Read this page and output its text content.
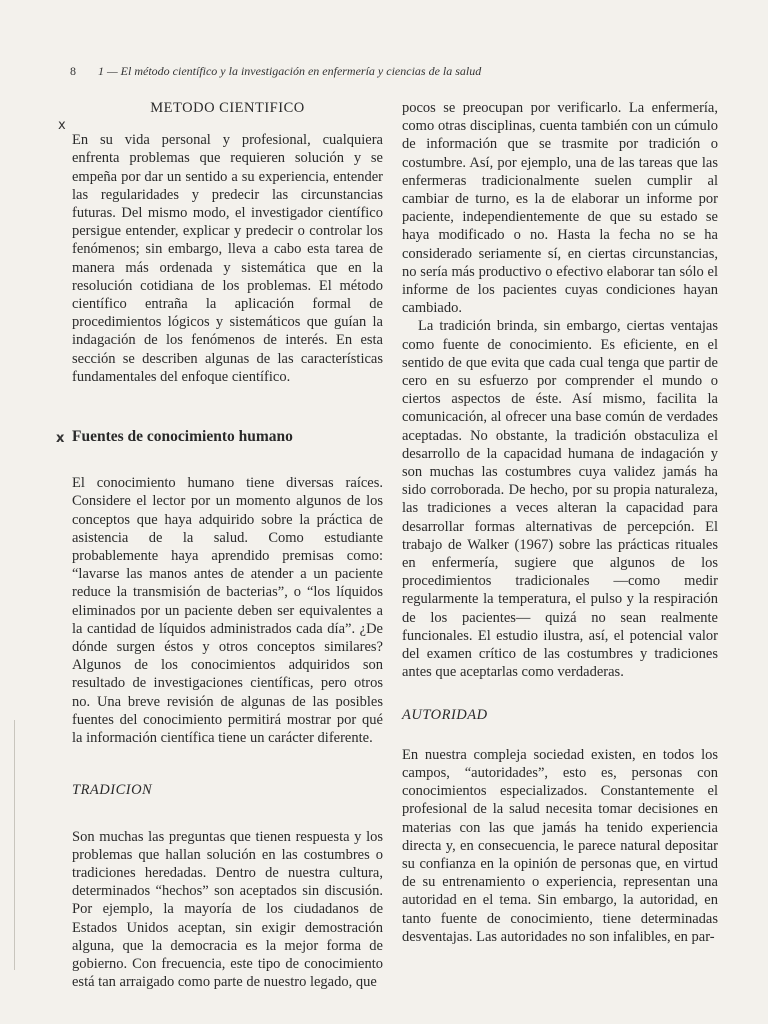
8 1 — El método científico y la investigación en enfermería y ciencias de la salud
METODO CIENTIFICO
x

En su vida personal y profesional, cualquiera enfrenta problemas que requieren solución y se empeña por dar un sentido a su experiencia, entender las regularidades y predecir las circunstancias futuras. Del mismo modo, el investigador científico persigue entender, explicar y predecir o controlar los fenómenos; sin embargo, lleva a cabo esta tarea de manera más ordenada y sistemática que en la resolución cotidiana de los problemas. El método científico entraña la aplicación formal de procedimientos lógicos y sistemáticos que guían la indagación de los fenómenos de interés. En esta sección se describen algunas de las características fundamentales del enfoque científico.

x Fuentes de conocimiento humano

El conocimiento humano tiene diversas raíces. Considere el lector por un momento algunos de los conceptos que haya adquirido sobre la práctica de asistencia de la salud. Como estudiante probablemente haya aprendido premisas como: “lavarse las manos antes de atender a un paciente reduce la transmisión de bacterias”, o “los líquidos eliminados por un paciente deben ser equivalentes a la cantidad de líquidos administrados cada día”. ¿De dónde surgen éstos y otros conceptos similares? Algunos de los conocimientos adquiridos son resultado de investigaciones científicas, pero otros no. Una breve revisión de algunas de las posibles fuentes del conocimiento permitirá mostrar por qué la información científica tiene un carácter diferente.

TRADICION

Son muchas las preguntas que tienen respuesta y los problemas que hallan solución en las costumbres o tradiciones heredadas. Dentro de nuestra cultura, determinados “hechos” son aceptados sin discusión. Por ejemplo, la mayoría de los ciudadanos de Estados Unidos aceptan, sin exigir demostración alguna, que la democracia es la mejor forma de gobierno. Con frecuencia, este tipo de conocimiento está tan arraigado como parte de nuestro legado, que

pocos se preocupan por verificarlo. La enfermería, como otras disciplinas, cuenta también con un cúmulo de información que se trasmite por tradición o costumbre. Así, por ejemplo, una de las tareas que las enfermeras tradicionalmente suelen cumplir al cambiar de turno, es la de elaborar un informe por paciente, independientemente de que su estado se haya modificado o no. Hasta la fecha no se ha considerado seriamente sí, en ciertas circunstancias, no sería más productivo o efectivo elaborar tan sólo el informe de los pacientes cuyas condiciones hayan cambiado.

La tradición brinda, sin embargo, ciertas ventajas como fuente de conocimiento. Es eficiente, en el sentido de que evita que cada cual tenga que partir de cero en su esfuerzo por comprender el mundo o ciertos aspectos de éste. Así mismo, facilita la comunicación, al ofrecer una base común de verdades aceptadas. No obstante, la tradición obstaculiza el desarrollo de la capacidad humana de indagación y son muchas las costumbres cuya validez jamás ha sido corroborada. De hecho, por su propia naturaleza, las tradiciones a veces alteran la capacidad para desarrollar formas alternativas de percepción. El trabajo de Walker (1967) sobre las prácticas rituales en enfermería, sugiere que algunos de los procedimientos tradicionales —como medir regularmente la temperatura, el pulso y la respiración de los pacientes— quizá no sean realmente funcionales. El estudio ilustra, así, el potencial valor del examen crítico de las costumbres y tradiciones antes que aceptarlas como verdaderas.

AUTORIDAD

En nuestra compleja sociedad existen, en todos los campos, “autoridades”, esto es, personas con conocimientos especializados. Constantemente el profesional de la salud necesita tomar decisiones en materias con las que jamás ha tenido experiencia directa y, en consecuencia, le parece natural depositar su confianza en la opinión de personas que, en virtud de su entrenamiento o experiencia, representan una autoridad en el tema. Sin embargo, la autoridad, en tanto fuente de conocimiento, tiene determinadas desventajas. Las autoridades no son infalibles, en par-
